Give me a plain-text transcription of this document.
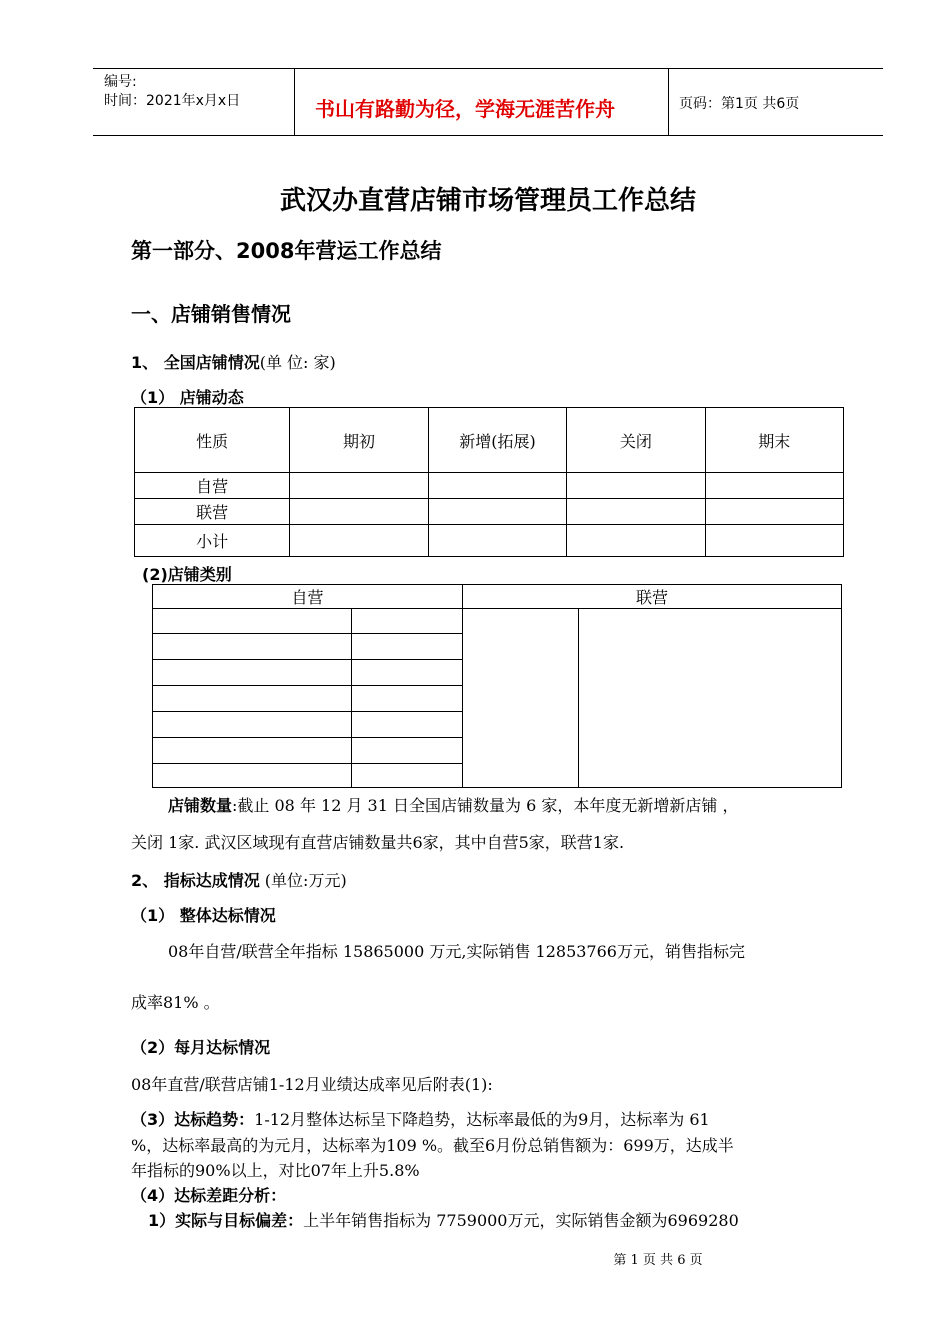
编号:
时间：2021年x月x日	书山有路勤为径，学海无涯苦作舟	页码：第1页 共6页
武汉办直营店铺市场管理员工作总结
第一部分、2008年营运工作总结
一、店铺销售情况
1、 全国店铺情况(单 位: 家)
（1） 店铺动态
性质	期初	新增(拓展)	关闭	期末
自营				
联营				
小计				
(2)店铺类别
自营		联营	

店铺数量:截止 08 年 12 月 31 日全国店铺数量为 6 家，本年度无新增新店铺 ，
关闭 1家. 武汉区域现有直营店铺数量共6家，其中自营5家，联营1家.
2、 指标达成情况 (单位:万元)
（1） 整体达标情况
08年自营/联营全年指标 15865000 万元,实际销售 12853766万元，销售指标完
成率81% 。
（2）每月达标情况
08年直营/联营店铺1-12月业绩达成率见后附表(1):
（3）达标趋势：1-12月整体达标呈下降趋势，达标率最低的为9月，达标率为 61
%，达标率最高的为元月，达标率为109 %。截至6月份总销售额为：699万，达成半
年指标的90%以上，对比07年上升5.8%
（4）达标差距分析：
1）实际与目标偏差：上半年销售指标为 7759000万元，实际销售金额为6969280
第 1 页 共 6 页
